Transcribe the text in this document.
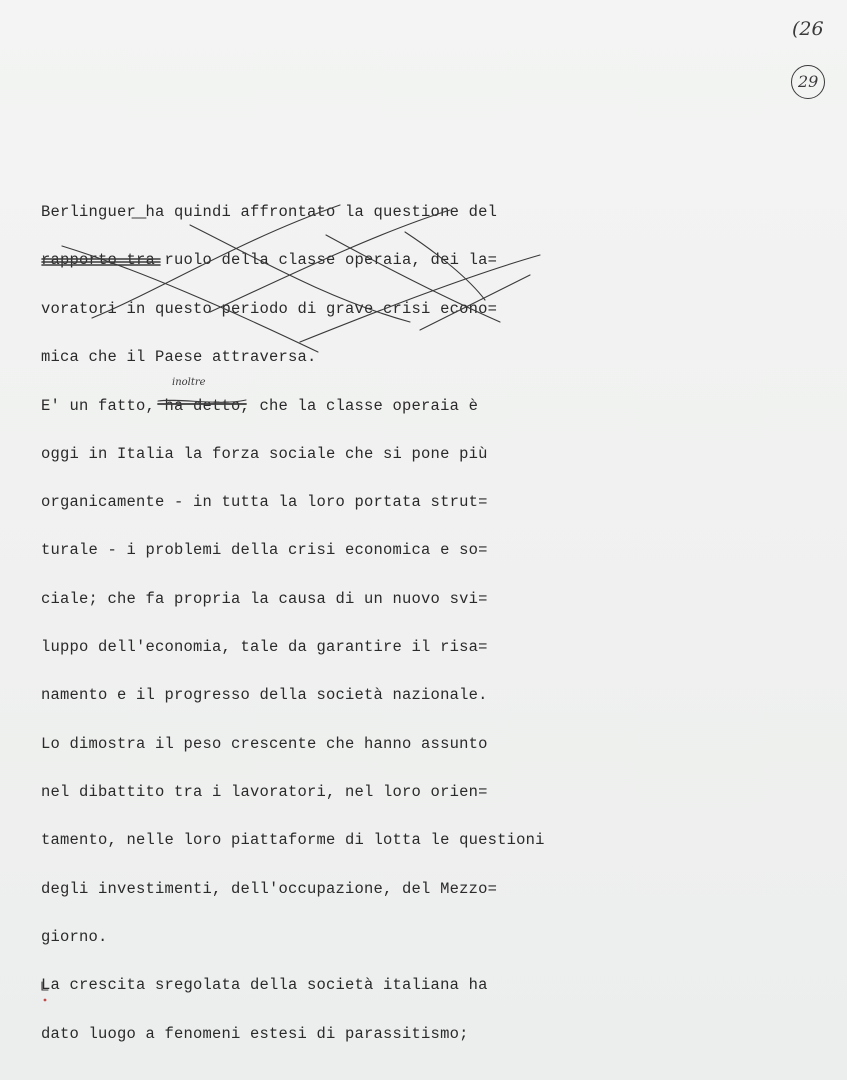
(26
29
inoltre
Berlinguer ha quindi affrontato la questione del
rapporto tra ruolo della classe operaia, dei la=
voratori in questo periodo di grave crisi econo=
mica che il Paese attraversa.
E' un fatto, ha detto, che la classe operaia è
oggi in Italia la forza sociale che si pone più
organicamente - in tutta la loro portata strut=
turale - i problemi della crisi economica e so=
ciale; che fa propria la causa di un nuovo svi=
luppo dell'economia, tale da garantire il risa=
namento e il progresso della società nazionale.
Lo dimostra il peso crescente che hanno assunto
nel dibattito tra i lavoratori, nel loro orien=
tamento, nelle loro piattaforme di lotta le questioni
degli investimenti, dell'occupazione, del Mezzo=
giorno.
La crescita sregolata della società italiana ha
dato luogo a fenomeni estesi di parassitismo;
